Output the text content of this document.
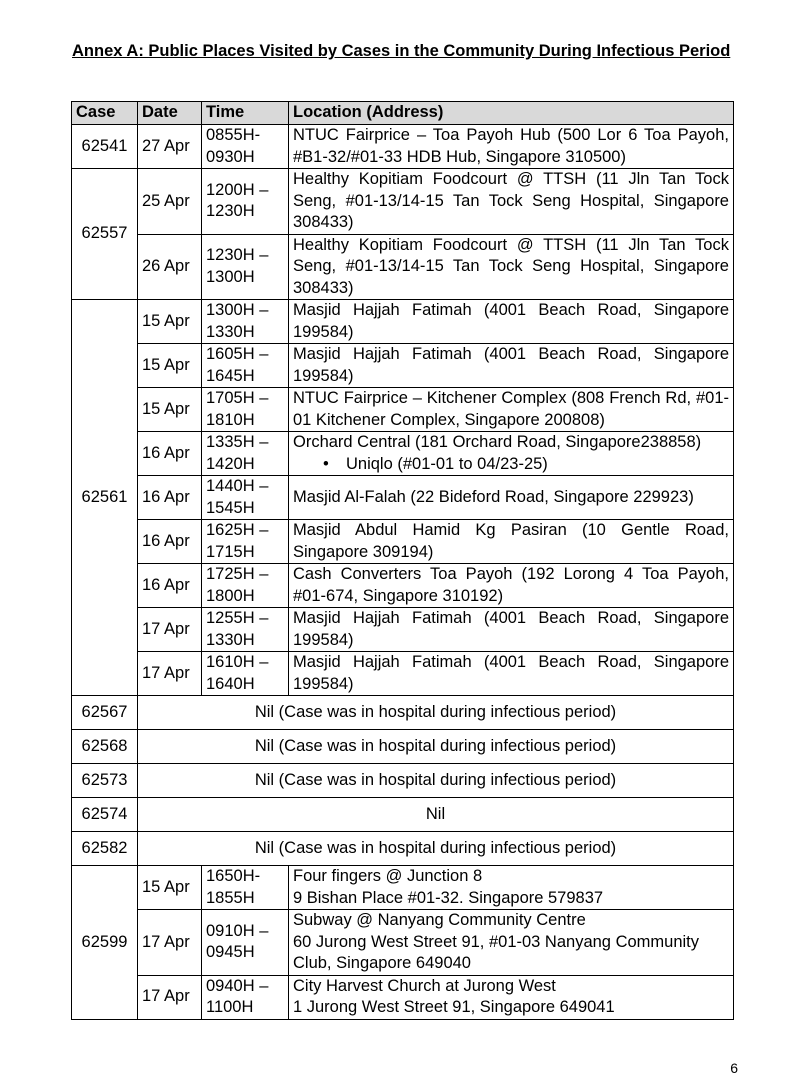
Annex A: Public Places Visited by Cases in the Community During Infectious Period
Case	Date	Time	Location (Address)
62541	27 Apr	0855H-0930H	NTUC Fairprice – Toa Payoh Hub (500 Lor 6 Toa Payoh, #B1-32/#01-33 HDB Hub, Singapore 310500)
62557	25 Apr	1200H – 1230H	Healthy Kopitiam Foodcourt @ TTSH (11 Jln Tan Tock Seng, #01-13/14-15 Tan Tock Seng Hospital, Singapore 308433)
	26 Apr	1230H – 1300H	Healthy Kopitiam Foodcourt @ TTSH (11 Jln Tan Tock Seng, #01-13/14-15 Tan Tock Seng Hospital, Singapore 308433)
62561	15 Apr	1300H – 1330H	Masjid Hajjah Fatimah (4001 Beach Road, Singapore 199584)
	15 Apr	1605H – 1645H	Masjid Hajjah Fatimah (4001 Beach Road, Singapore 199584)
	15 Apr	1705H – 1810H	NTUC Fairprice – Kitchener Complex (808 French Rd, #01-01 Kitchener Complex, Singapore 200808)
	16 Apr	1335H – 1420H	Orchard Central (181 Orchard Road, Singapore238858)
• Uniqlo (#01-01 to 04/23-25)

	16 Apr	1440H – 1545H	Masjid Al-Falah (22 Bideford Road, Singapore 229923)
	16 Apr	1625H – 1715H	Masjid Abdul Hamid Kg Pasiran (10 Gentle Road, Singapore 309194)
	16 Apr	1725H – 1800H	Cash Converters Toa Payoh (192 Lorong 4 Toa Payoh, #01-674, Singapore 310192)
	17 Apr	1255H – 1330H	Masjid Hajjah Fatimah (4001 Beach Road, Singapore 199584)
	17 Apr	1610H – 1640H	Masjid Hajjah Fatimah (4001 Beach Road, Singapore 199584)
62567	Nil (Case was in hospital during infectious period)		
62568	Nil (Case was in hospital during infectious period)		
62573	Nil (Case was in hospital during infectious period)		
62574	Nil		
62582	Nil (Case was in hospital during infectious period)		
62599	15 Apr	1650H-1855H	Four fingers @ Junction 8
9 Bishan Place #01-32. Singapore 579837

	17 Apr	0910H – 0945H	Subway @ Nanyang Community Centre
60 Jurong West Street 91, #01-03 Nanyang Community Club, Singapore 649040

	17 Apr	0940H – 1100H	City Harvest Church at Jurong West
1 Jurong West Street 91, Singapore 649041
6
